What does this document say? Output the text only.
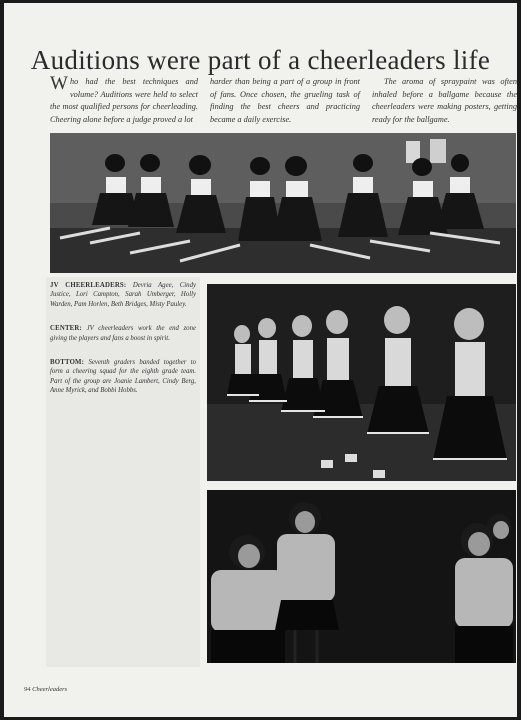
Auditions were part of a cheerleaders life

Who had the best techniques and volume? Auditions were held to select the most qualified persons for cheerleading. Cheering alone before a judge proved a lot

harder than being a part of a group in front of fans. Once chosen, the grueling task of finding the best cheers and practicing became a daily exercise.

The aroma of spraypaint was often inhaled before a ballgame because the cheerleaders were making posters, getting ready for the ballgame.

JV CHEERLEADERS: Devria Agee, Cindy Justice, Lori Campton, Sarah Umberger, Holly Warden, Pam Horlen, Beth Bridges, Misty Pauley.

CENTER: JV cheerleaders work the end zone giving the players and fans a boost in spirit.

BOTTOM: Seventh graders banded together to form a cheering squad for the eighth grade team. Part of the group are Joanie Lambert, Cindy Berg, Anne Myrick, and Bobbi Hobbs.

94 Cheerleaders
